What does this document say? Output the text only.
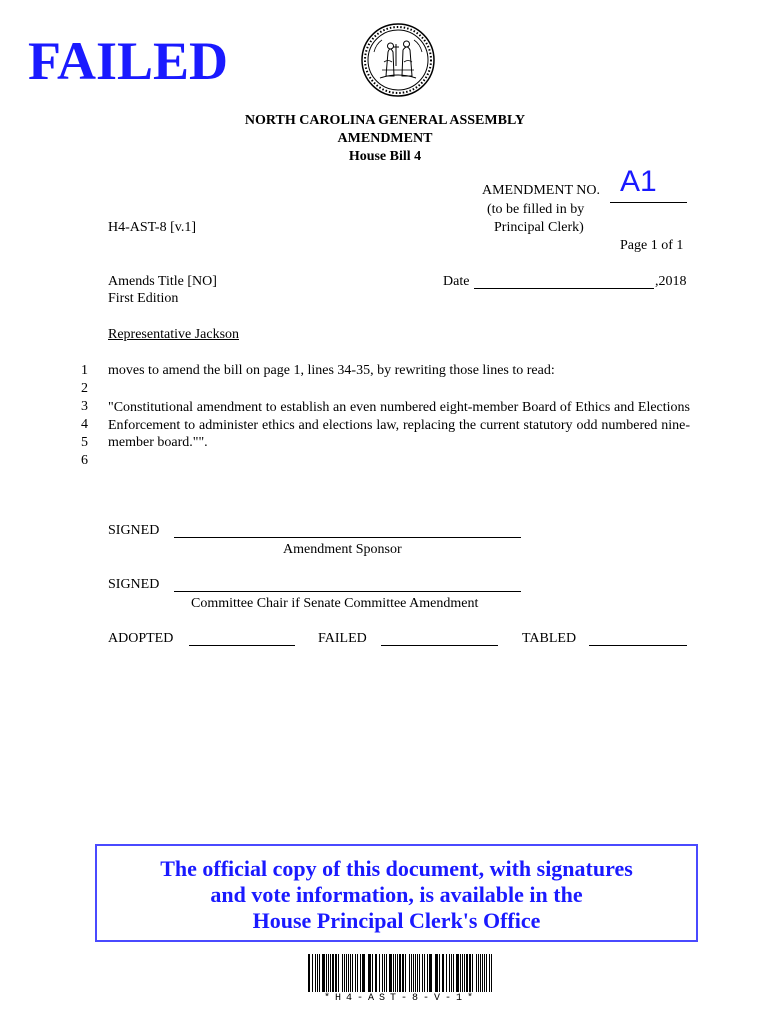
FAILED
NORTH CAROLINA GENERAL ASSEMBLY
AMENDMENT
House Bill 4
AMENDMENT NO. A1
(to be filled in by
Principal Clerk)
Page 1 of 1
H4-AST-8 [v.1]
Amends Title [NO]
First Edition
Date	,2018
Representative Jackson
1
2
3
4
5
6
moves to amend the bill on page 1, lines 34-35, by rewriting those lines to read:
"Constitutional amendment to establish an even numbered eight-member Board of Ethics and Elections Enforcement to administer ethics and elections law, replacing the current statutory odd numbered nine-member board."".
SIGNED
Amendment Sponsor
SIGNED
Committee Chair if Senate Committee Amendment
ADOPTED	FAILED	TABLED
The official copy of this document, with signatures
and vote information, is available in the
House Principal Clerk's Office
*H4-AST-8-V-1*
